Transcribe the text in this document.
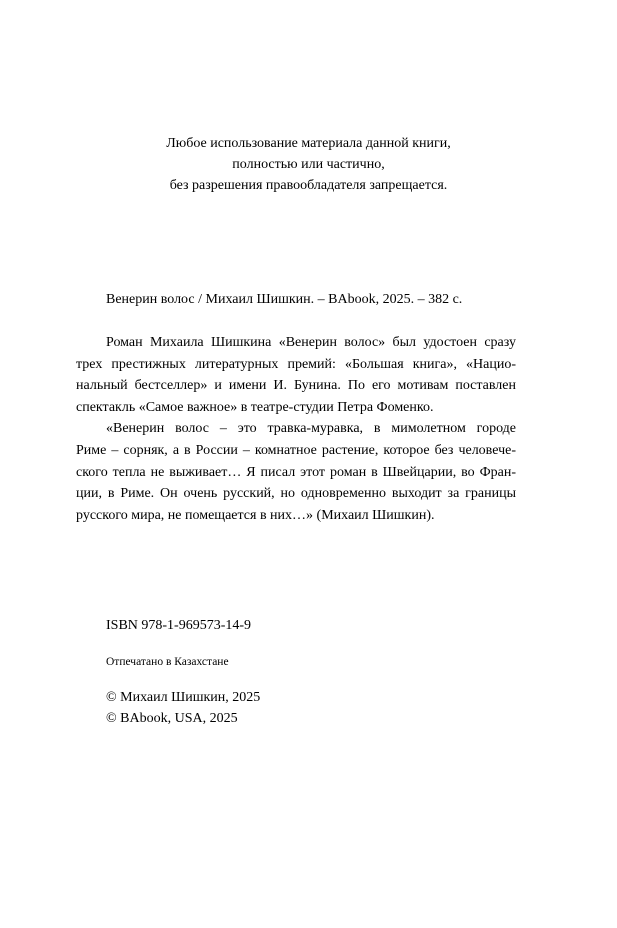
Любое использование материала данной книги,
полностью или частично,
без разрешения правообладателя запрещается.
Венерин волос / Михаил Шишкин. – BAbook, 2025. – 382 с.
Роман Михаила Шишкина «Венерин волос» был удостоен сразу
трех престижных литературных премий: «Большая книга», «Нацио-
нальный бестселлер» и имени И. Бунина. По его мотивам поставлен
спектакль «Самое важное» в театре-студии Петра Фоменко.
«Венерин волос – это травка-муравка, в мимолетном городе
Риме – сорняк, а в России – комнатное растение, которое без человече-
ского тепла не выживает… Я писал этот роман в Швейцарии, во Фран-
ции, в Риме. Он очень русский, но одновременно выходит за границы
русского мира, не помещается в них…» (Михаил Шишкин).
ISBN 978-1-969573-14-9
Отпечатано в Казахстане
© Михаил Шишкин, 2025
© BAbook, USA, 2025
